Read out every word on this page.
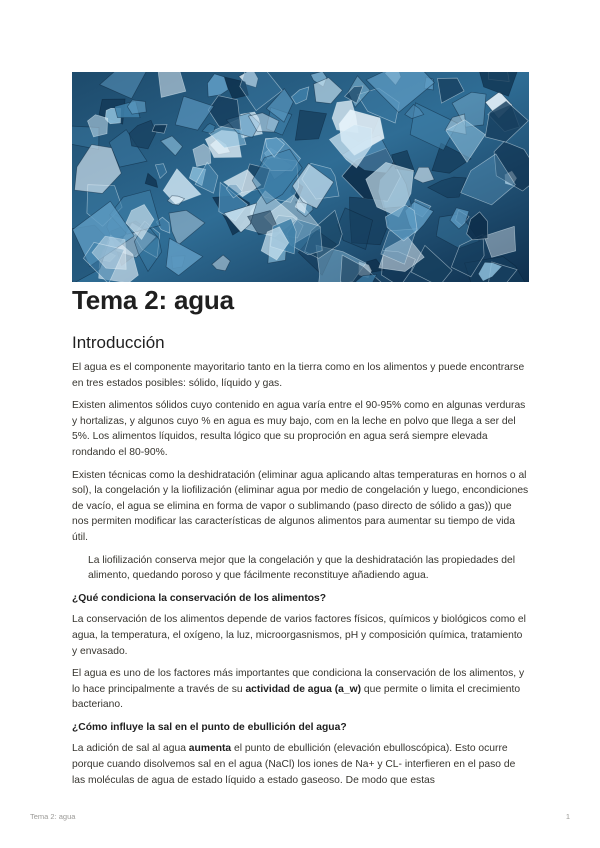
Tema 2: agua
Introducción

El agua es el componente mayoritario tanto en la tierra como en los alimentos y puede encontrarse en tres estados posibles: sólido, líquido y gas.

Existen alimentos sólidos cuyo contenido en agua varía entre el 90-95% como en algunas verduras y hortalizas, y algunos cuyo % en agua es muy bajo, com en la leche en polvo que llega a ser del 5%. Los alimentos líquidos, resulta lógico que su proproción en agua será siempre elevada rondando el 80-90%.

Existen técnicas como la deshidratación (eliminar agua aplicando altas temperaturas en hornos o al sol), la congelación y la liofilización (eliminar agua por medio de congelación y luego, encondiciones de vacío, el agua se elimina en forma de vapor o sublimando (paso directo de sólido a gas)) que nos permiten modificar las características de algunos alimentos para aumentar su tiempo de vida útil.

La liofilización conserva mejor que la congelación y que la deshidratación las propiedades del alimento, quedando poroso y que fácilmente reconstituye añadiendo agua.

¿Qué condiciona la conservación de los alimentos?

La conservación de los alimentos depende de varios factores físicos, químicos y biológicos como el agua, la temperatura, el oxígeno, la luz, microorgasnismos, pH y composición química, tratamiento y envasado.

El agua es uno de los factores más importantes que condiciona la conservación de los alimentos, y lo hace principalmente a través de su actividad de agua (a_w) que permite o limita el crecimiento bacteriano.

¿Cómo influye la sal en el punto de ebullición del agua?

La adición de sal al agua aumenta el punto de ebullición (elevación ebulloscópica). Esto ocurre porque cuando disolvemos sal en el agua (NaCl) los iones de Na+ y CL- interfieren en el paso de las moléculas de agua de estado líquido a estado gaseoso. De modo que estas

Tema 2: agua	1
